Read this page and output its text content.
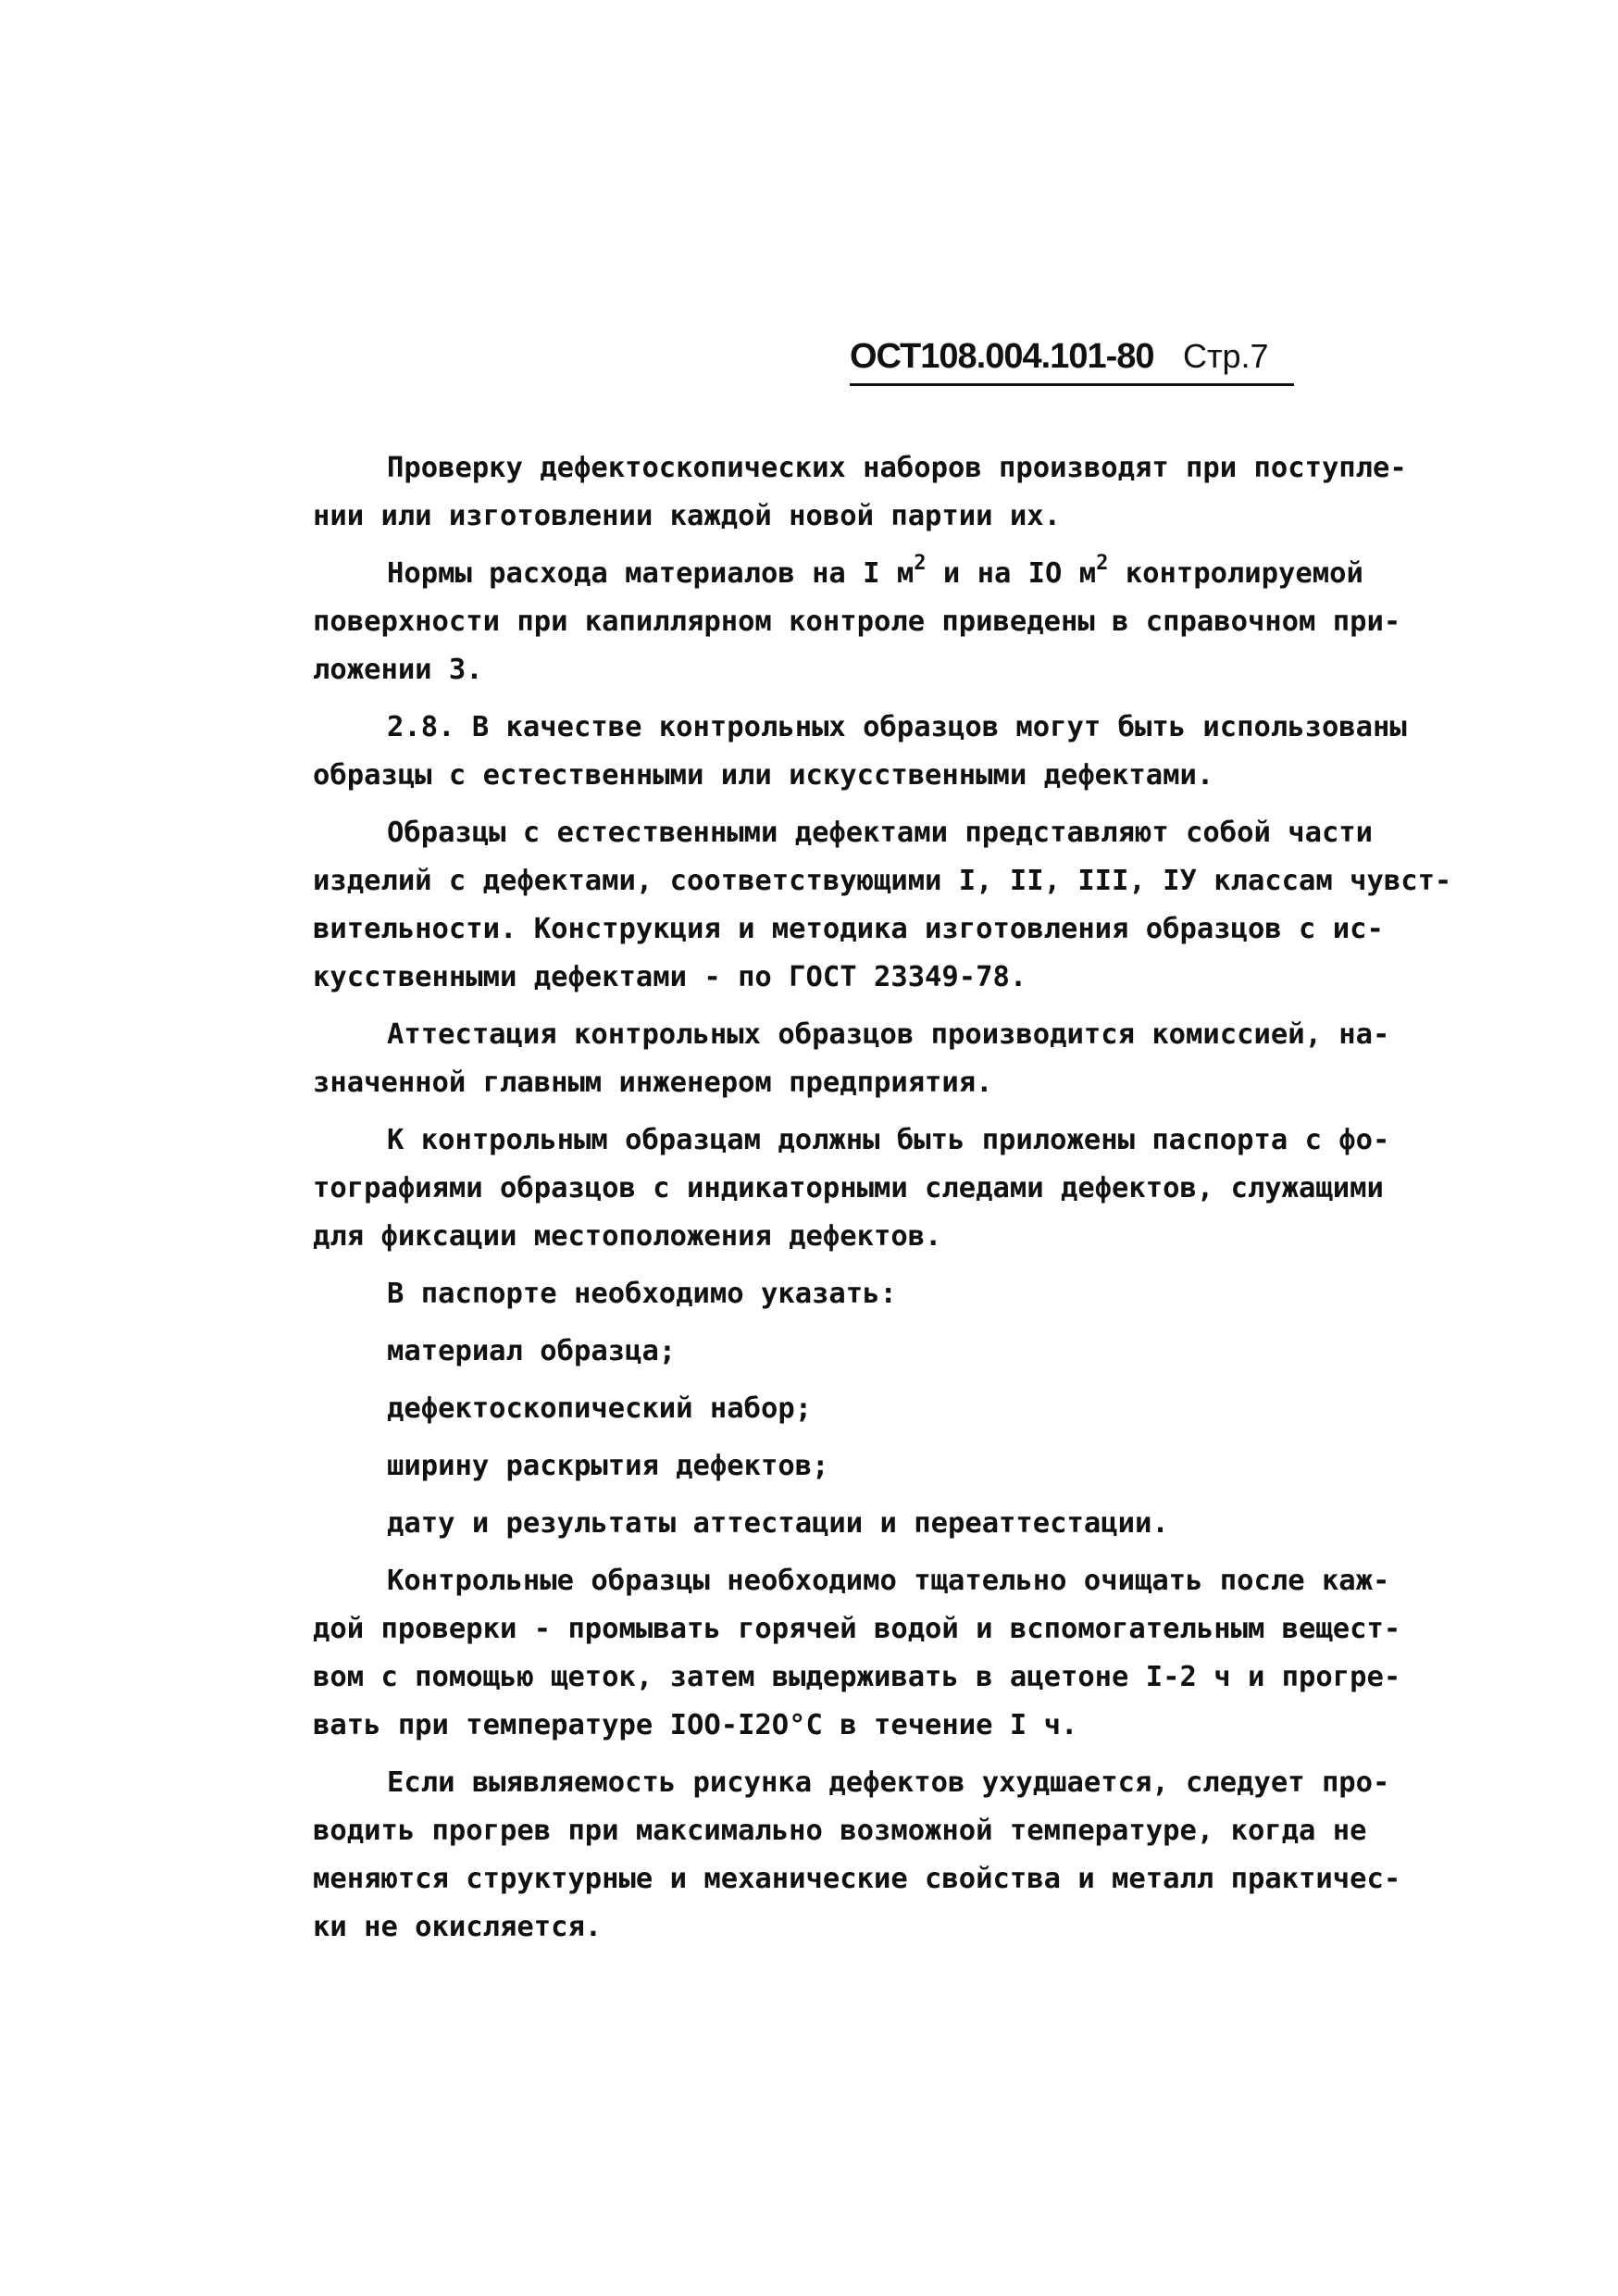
ОСТ108.004.101-80 Стр.7
Проверку дефектоскопических наборов производят при поступле-
нии или изготовлении каждой новой партии их.
Нормы расхода материалов на I $м^2$ и на IО $м^2$ контролируемой
поверхности при капиллярном контроле приведены в справочном при-
ложении 3.
2.8. В качестве контрольных образцов могут быть использованы
образцы с естественными или искусственными дефектами.
Образцы с естественными дефектами представляют собой части
изделий с дефектами, соответствующими I, II, III, IУ классам чувст-
вительности. Конструкция и методика изготовления образцов с ис-
кусственными дефектами - по ГОСТ 23349-78.
Аттестация контрольных образцов производится комиссией, на-
значенной главным инженером предприятия.
К контрольным образцам должны быть приложены паспорта с фо-
тографиями образцов с индикаторными следами дефектов, служащими
для фиксации местоположения дефектов.
В паспорте необходимо указать:
материал образца;
дефектоскопический набор;
ширину раскрытия дефектов;
дату и результаты аттестации и переаттестации.
Контрольные образцы необходимо тщательно очищать после каж-
дой проверки - промывать горячей водой и вспомогательным вещест-
вом с помощью щеток, затем выдерживать в ацетоне I-2 ч и прогре-
вать при температуре IОО-I2О°С в течение I ч.
Если выявляемость рисунка дефектов ухудшается, следует про-
водить прогрев при максимально возможной температуре, когда не
меняются структурные и механические свойства и металл практичес-
ки не окисляется.
